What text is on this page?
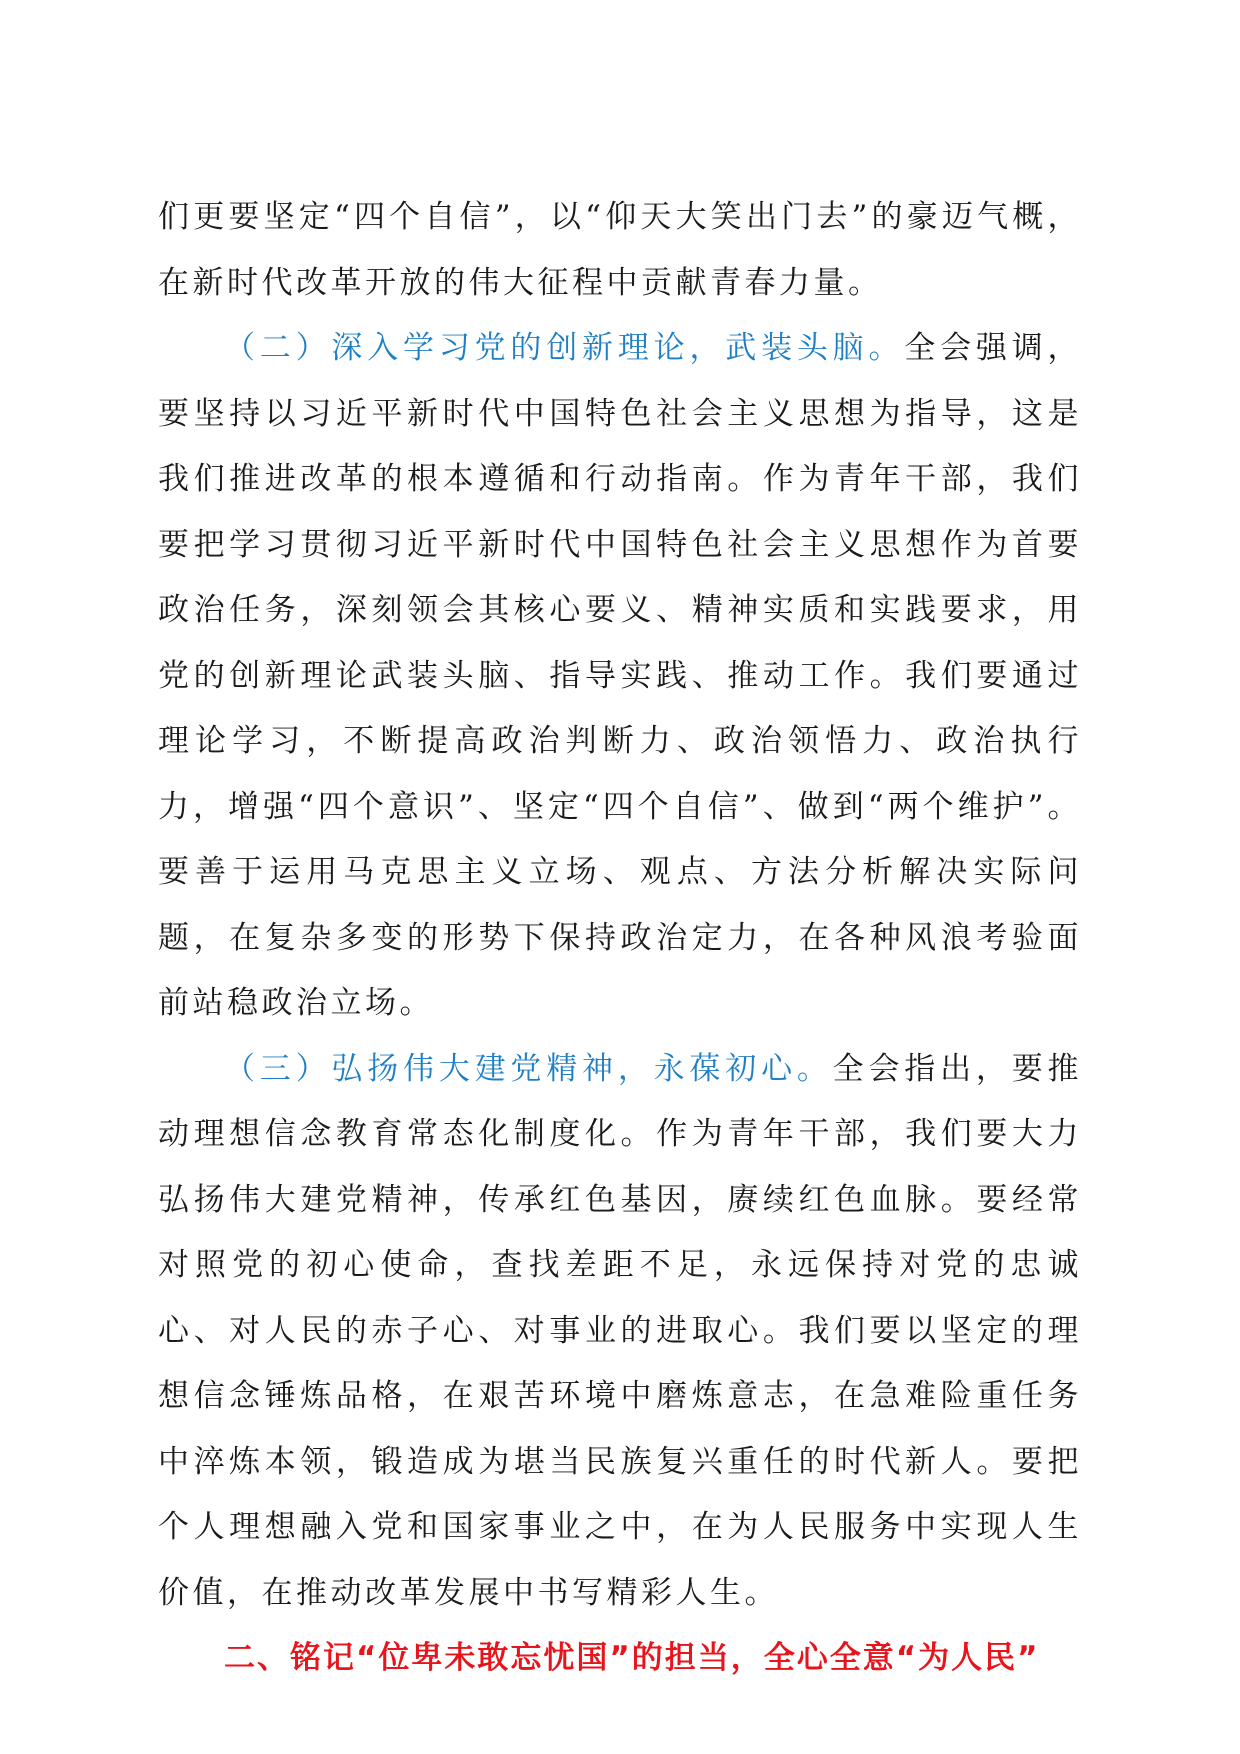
们更要坚定“四个自信”，以“仰天大笑出门去”的豪迈气概，在新时代改革开放的伟大征程中贡献青春力量。

（二）深入学习党的创新理论，武装头脑。全会强调，要坚持以习近平新时代中国特色社会主义思想为指导，这是我们推进改革的根本遵循和行动指南。作为青年干部，我们要把学习贯彻习近平新时代中国特色社会主义思想作为首要政治任务，深刻领会其核心要义、精神实质和实践要求，用党的创新理论武装头脑、指导实践、推动工作。我们要通过理论学习，不断提高政治判断力、政治领悟力、政治执行力，增强“四个意识”、坚定“四个自信”、做到“两个维护”。要善于运用马克思主义立场、观点、方法分析解决实际问题，在复杂多变的形势下保持政治定力，在各种风浪考验面前站稳政治立场。

（三）弘扬伟大建党精神，永葆初心。全会指出，要推动理想信念教育常态化制度化。作为青年干部，我们要大力弘扬伟大建党精神，传承红色基因，赓续红色血脉。要经常对照党的初心使命，查找差距不足，永远保持对党的忠诚心、对人民的赤子心、对事业的进取心。我们要以坚定的理想信念锤炼品格，在艰苦环境中磨炼意志，在急难险重任务中淬炼本领，锻造成为堪当民族复兴重任的时代新人。要把个人理想融入党和国家事业之中，在为人民服务中实现人生价值，在推动改革发展中书写精彩人生。

二、铭记“位卑未敢忘忧国”的担当，全心全意“为人民”
